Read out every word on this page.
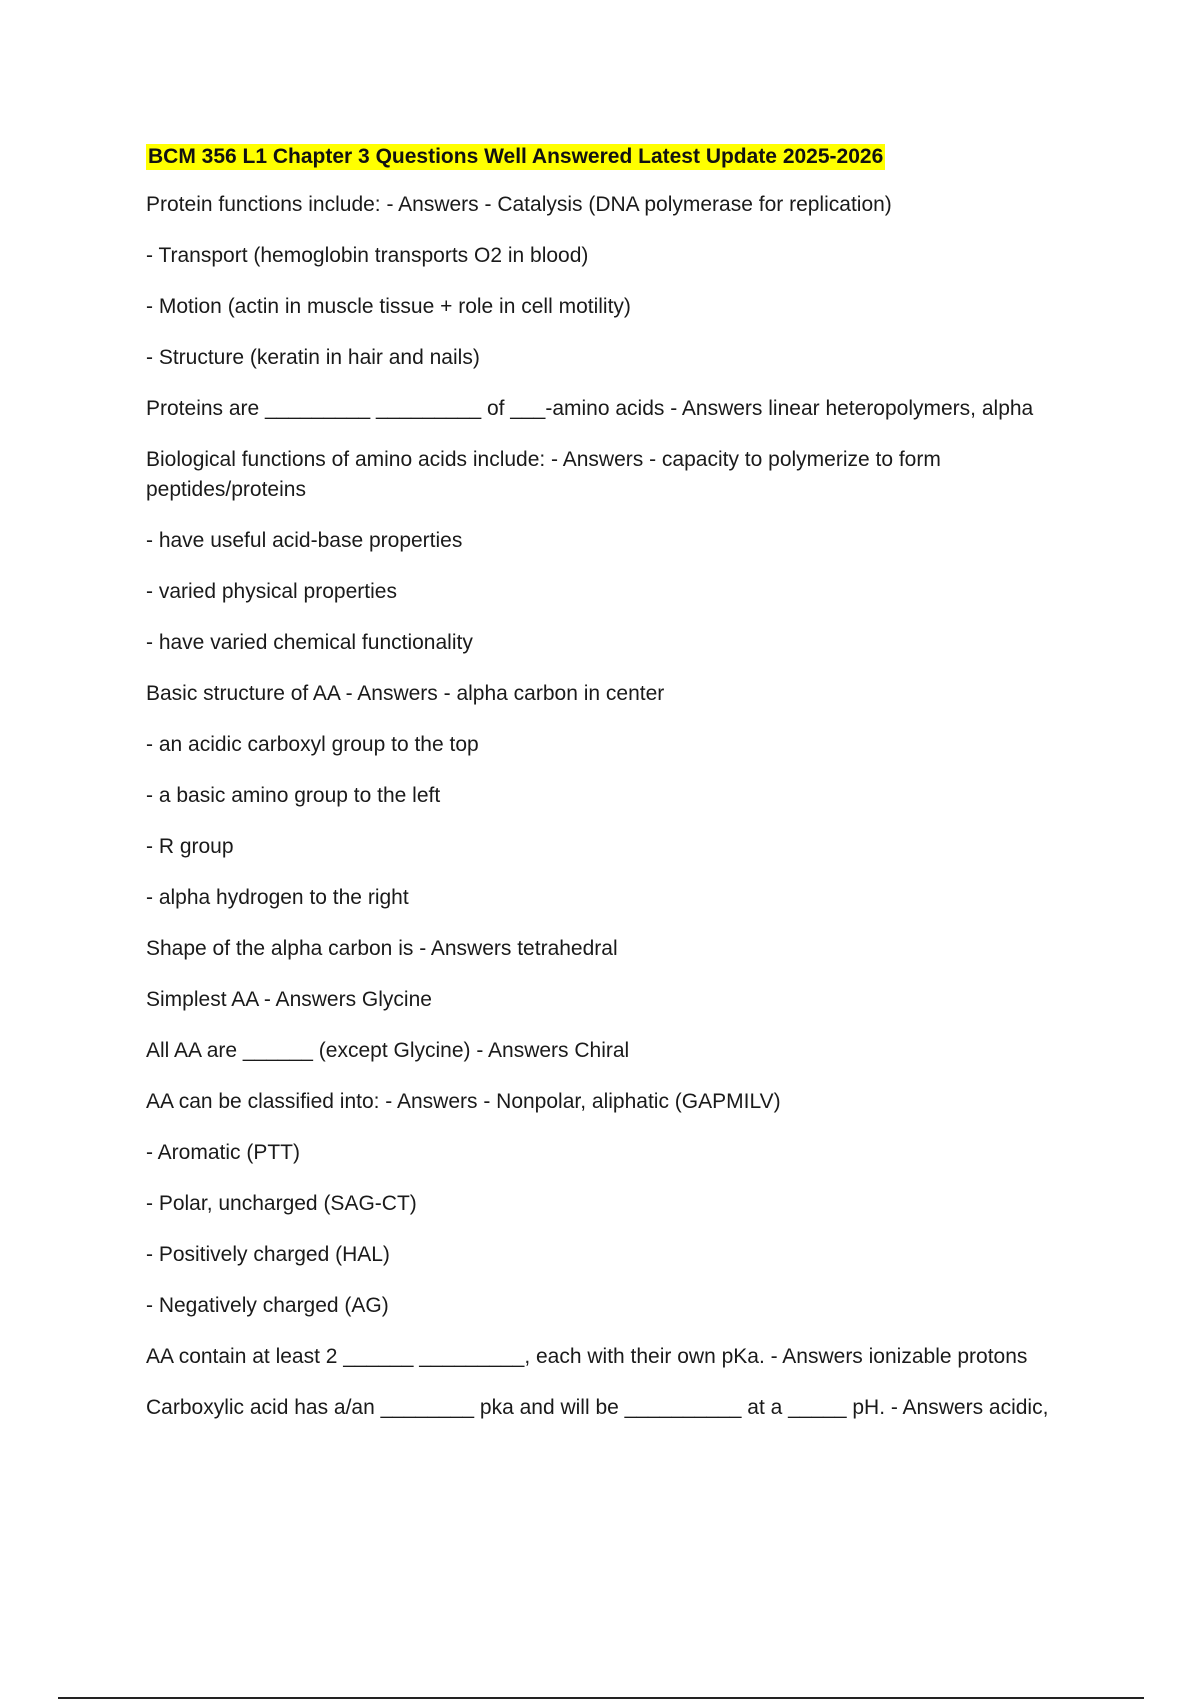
BCM 356 L1 Chapter 3 Questions Well Answered Latest Update 2025-2026
Protein functions include: - Answers - Catalysis (DNA polymerase for replication)
- Transport (hemoglobin transports O2 in blood)
- Motion (actin in muscle tissue + role in cell motility)
- Structure (keratin in hair and nails)
Proteins are _________ _________ of ___-amino acids - Answers linear heteropolymers, alpha
Biological functions of amino acids include: - Answers - capacity to polymerize to form peptides/proteins
- have useful acid-base properties
- varied physical properties
- have varied chemical functionality
Basic structure of AA - Answers - alpha carbon in center
- an acidic carboxyl group to the top
- a basic amino group to the left
- R group
- alpha hydrogen to the right
Shape of the alpha carbon is - Answers tetrahedral
Simplest AA - Answers Glycine
All AA are ______ (except Glycine) - Answers Chiral
AA can be classified into: - Answers - Nonpolar, aliphatic (GAPMILV)
- Aromatic (PTT)
- Polar, uncharged (SAG-CT)
- Positively charged (HAL)
- Negatively charged (AG)
AA contain at least 2 ______ _________, each with their own pKa. - Answers ionizable protons
Carboxylic acid has a/an ________ pka and will be __________ at a _____ pH. - Answers acidic,
